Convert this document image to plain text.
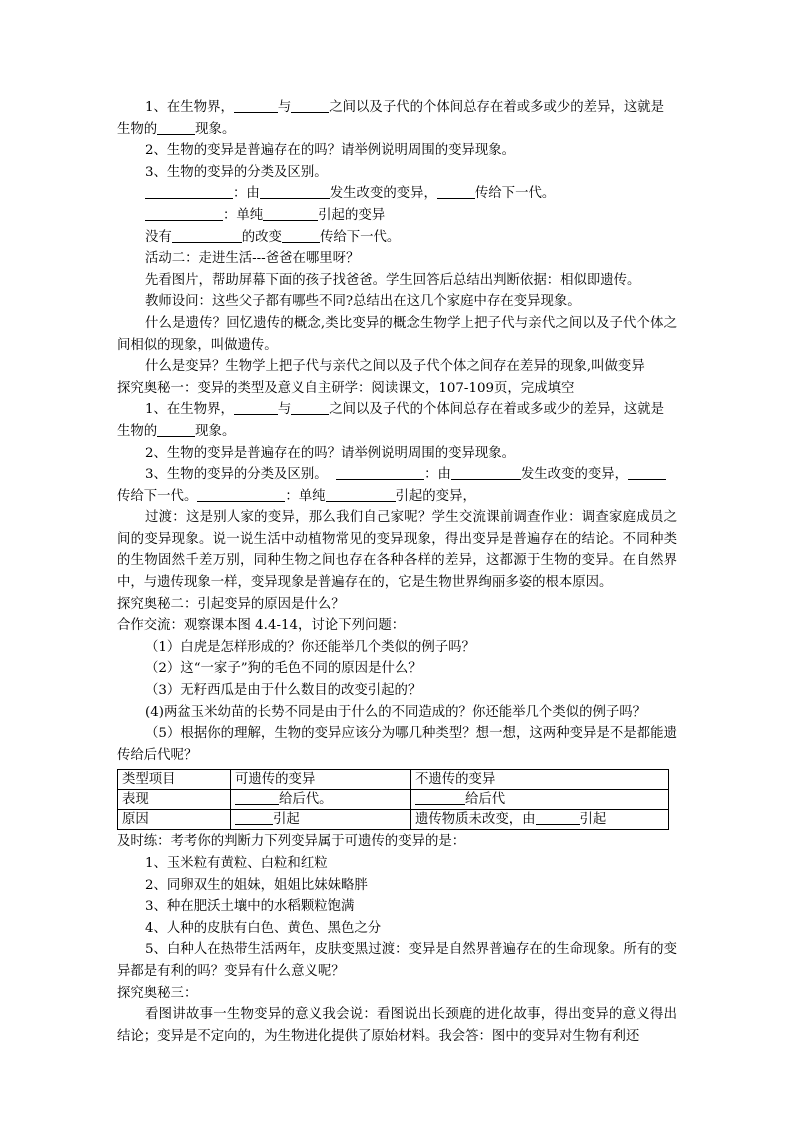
1、在生物界，	与	之间以及子代的个体间总存在着或多或少的差异，这就是

生物的	现象。

2、生物的变异是普遍存在的吗？请举例说明周围的变异现象。

3、生物的变异的分类及区别。

：由	发生改变的变异，	传给下一代。

：单纯	引起的变异

没有	的改变	传给下一代。

活动二：走进生活---爸爸在哪里呀？

先看图片，帮助屏幕下面的孩子找爸爸。学生回答后总结出判断依据：相似即遗传。

教师设问：这些父子都有哪些不同?总结出在这几个家庭中存在变异现象。

什么是遗传？回忆遗传的概念,类比变异的概念生物学上把子代与亲代之间以及子代个体之间相似的现象，叫做遗传。

什么是变异？生物学上把子代与亲代之间以及子代个体之间存在差异的现象,叫做变异

探究奥秘一：变异的类型及意义自主研学：阅读课文，107-109页，完成填空

1、在生物界，	与	之间以及子代的个体间总存在着或多或少的差异，这就是

生物的	现象。

2、生物的变异是普遍存在的吗？请举例说明周围的变异现象。

3、生物的变异的分类及区别。	：由	发生改变的变异，

传给下一代。	：单纯	引起的变异，

过渡：这是别人家的变异，那么我们自己家呢？学生交流课前调查作业：调查家庭成员之间的变异现象。说一说生活中动植物常见的变异现象，得出变异是普遍存在的结论。不同种类的生物固然千差万别，同种生物之间也存在各种各样的差异，这都源于生物的变异。在自然界中，与遗传现象一样，变异现象是普遍存在的，它是生物世界绚丽多姿的根本原因。

探究奥秘二：引起变异的原因是什么？

合作交流：观察课本图 4.4-14，讨论下列问题：

（1）白虎是怎样形成的？你还能举几个类似的例子吗？

（2）这“一家子”狗的毛色不同的原因是什么？

（3）无籽西瓜是由于什么数目的改变引起的？

(4)两盆玉米幼苗的长势不同是由于什么的不同造成的？你还能举几个类似的例子吗？

（5）根据你的理解，生物的变异应该分为哪几种类型？想一想，这两种变异是不是都能遗传给后代呢？

类型项目	可遗传的变异	不遗传的变异
表现	给后代。	给后代
原因	引起	遗传物质未改变，由 引起

及时练：考考你的判断力下列变异属于可遗传的变异的是：

1、玉米粒有黄粒、白粒和红粒

2、同卵双生的姐妹，姐姐比妹妹略胖

3、种在肥沃土壤中的水稻颗粒饱满

4、人种的皮肤有白色、黄色、黑色之分

5、白种人在热带生活两年，皮肤变黑过渡：变异是自然界普遍存在的生命现象。所有的变异都是有利的吗？变异有什么意义呢？

探究奥秘三：

看图讲故事一生物变异的意义我会说：看图说出长颈鹿的进化故事，得出变异的意义得出结论；变异是不定向的，为生物进化提供了原始材料。我会答：图中的变异对生物有利还
